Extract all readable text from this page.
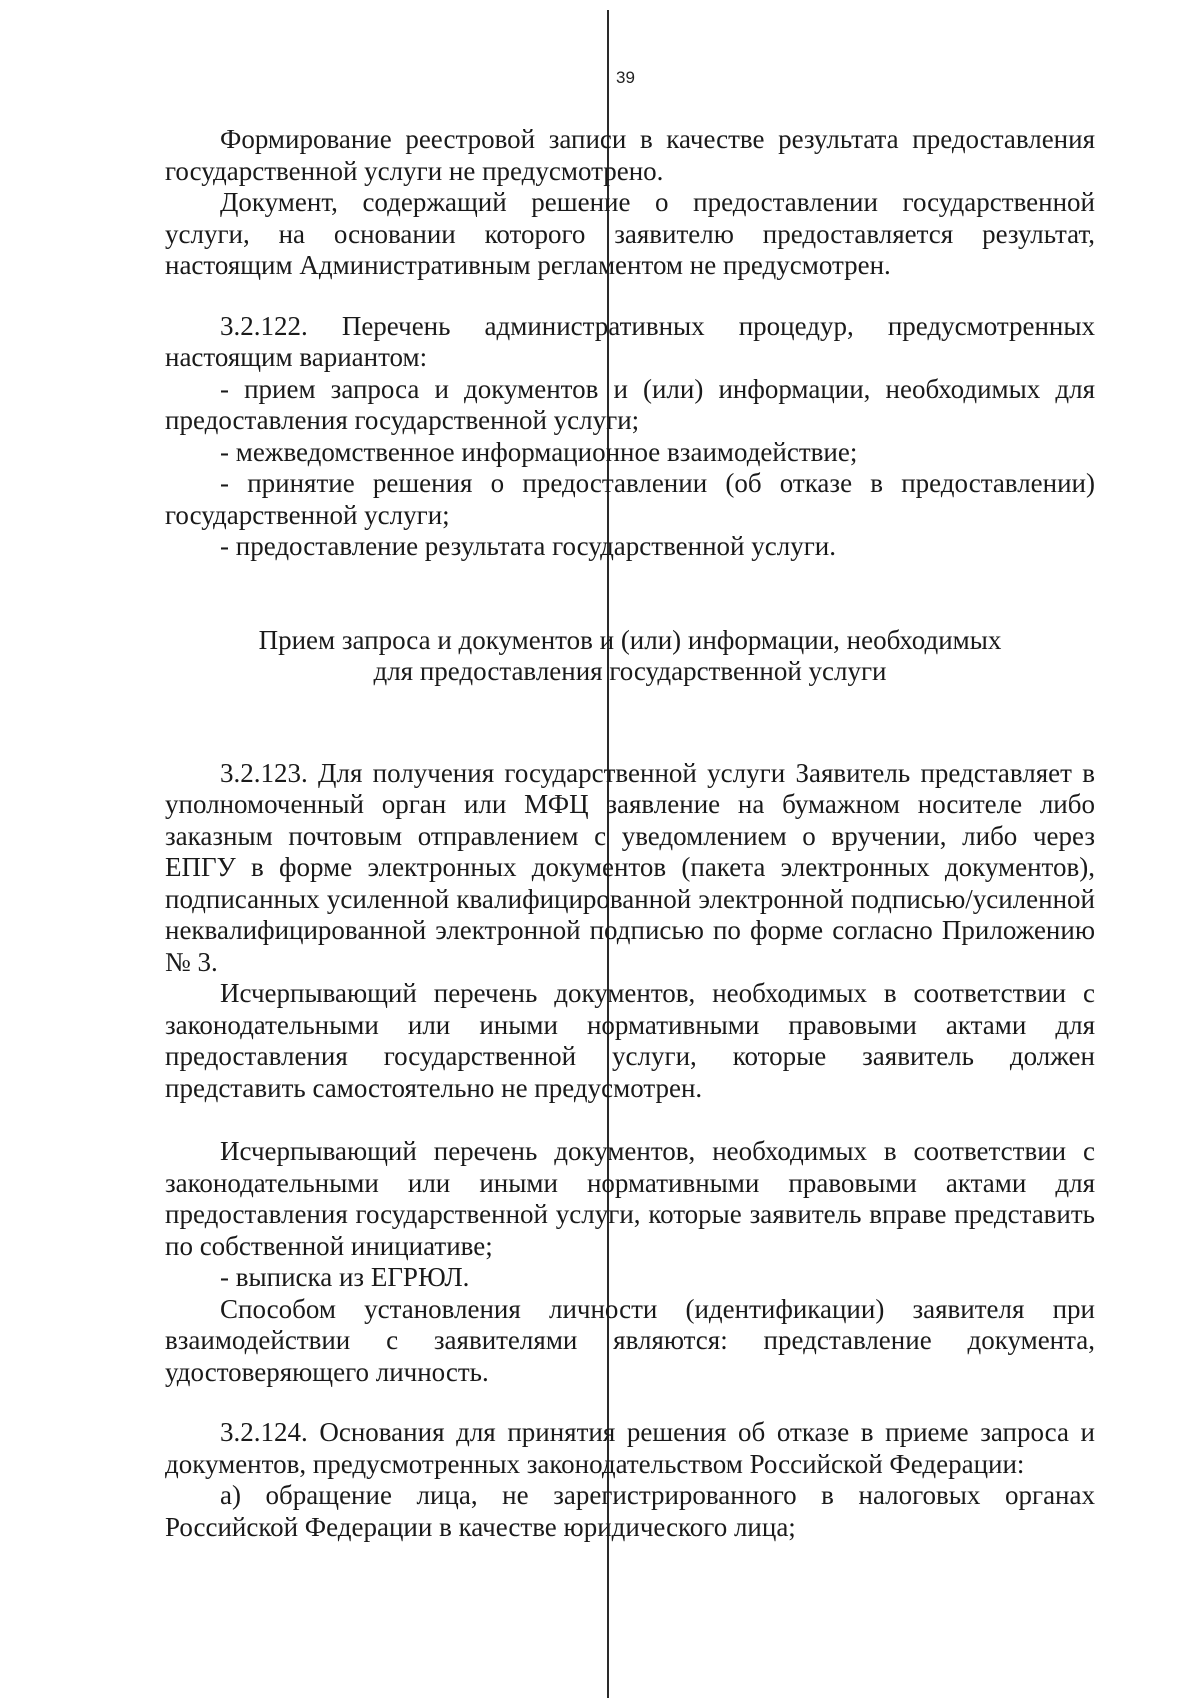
39

Формирование реестровой записи в качестве результата предоставления государственной услуги не предусмотрено.

Документ, содержащий решение о предоставлении государственной услуги, на основании которого заявителю предоставляется результат, настоящим Административным регламентом не предусмотрен.

3.2.122. Перечень административных процедур, предусмотренных настоящим вариантом:

- прием запроса и документов и (или) информации, необходимых для предоставления государственной услуги;

- межведомственное информационное взаимодействие;

- принятие решения о предоставлении (об отказе в предоставлении) государственной услуги;

- предоставление результата государственной услуги.

Прием запроса и документов и (или) информации, необходимых

для предоставления государственной услуги

3.2.123. Для получения государственной услуги Заявитель представляет в уполномоченный орган или МФЦ заявление на бумажном носителе либо заказным почтовым отправлением с уведомлением о вручении, либо через ЕПГУ в форме электронных документов (пакета электронных документов), подписанных усиленной квалифицированной электронной подписью/усиленной неквалифицированной электронной подписью по форме согласно Приложению № 3.

Исчерпывающий перечень документов, необходимых в соответствии с законодательными или иными нормативными правовыми актами для предоставления государственной услуги, которые заявитель должен представить самостоятельно не предусмотрен.

Исчерпывающий перечень документов, необходимых в соответствии с законодательными или иными нормативными правовыми актами для предоставления государственной услуги, которые заявитель вправе представить по собственной инициативе;

- выписка из ЕГРЮЛ.

Способом установления личности (идентификации) заявителя при взаимодействии с заявителями являются: представление документа, удостоверяющего личность.

3.2.124. Основания для принятия решения об отказе в приеме запроса и документов, предусмотренных законодательством Российской Федерации:

а) обращение лица, не зарегистрированного в налоговых органах Российской Федерации в качестве юридического лица;
